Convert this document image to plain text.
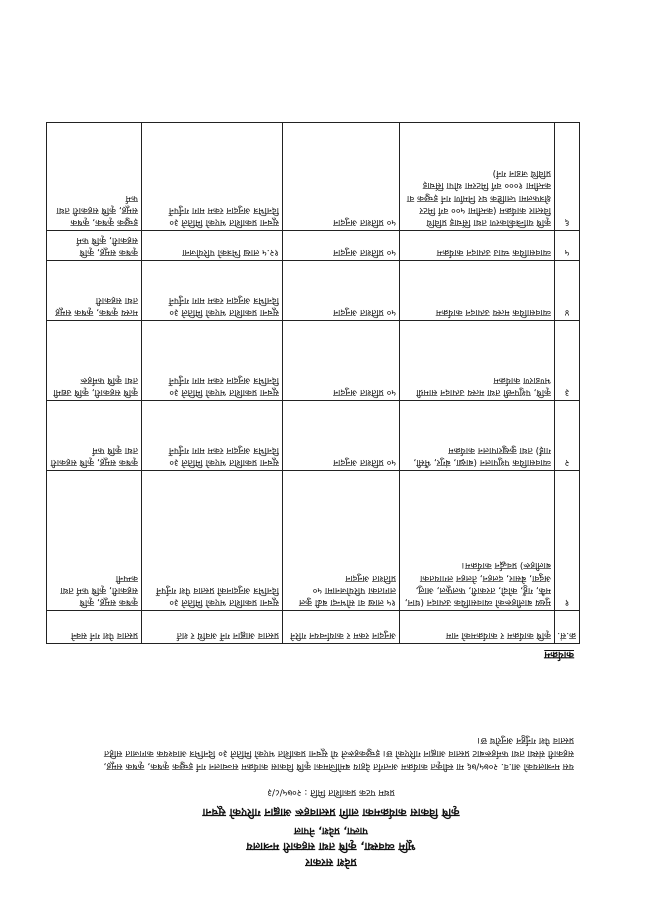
प्रदेश सरकार
भूमि व्यवस्था, कृषि तथा सहकारी मन्त्रालय
पाल्पा, प्रदेश, नेपाल
कृषि विकास कार्यक्रमका लागि प्रस्तावहरू आह्वान गरिएको सूचना
प्रथम पटक प्रकाशित मिति : २०७५/८/३
यस मन्त्रालयको आ.व. २०७५/७६ मा स्वीकृत कार्यक्रम अन्तर्गत देहाय बमोजिमका कृषि विकास कार्यक्रम सञ्चालन गर्न इच्छुक कृषक, कृषक समूह, सहकारी संस्था तथा फर्महरूबाट प्रस्ताव आह्वान गरिएको छ। इच्छुकहरूले यो सूचना प्रकाशित भएको मितिले ३० दिनभित्र आवश्यक कागजात सहित प्रस्ताव पेश गर्नुहुन अनुरोध छ।
कार्यक्रम
क्र.सं.	कृषि कार्यक्रम र कार्यक्रमको नाम	अनुदान रकम र कार्यान्वयन गरिने	प्रस्ताव आह्वान गर्ने अवधि र शर्त	प्रस्ताव पेश गर्न सक्ने
१	मुख्य बालीहरूको व्यावसायिक उत्पादन (धान, मकै, गहुँ, कोदो, तरकारी, फलफूल, आलु, अदुवा, बेसार, दलहन, तेलहन लगायतका बालीहरू) प्रवर्द्धन कार्यक्रम।	१५ लाख वा सोभन्दा बढी कुल लागतका परियोजनामा ५० प्रतिशत अनुदान	सूचना प्रकाशित भएको मितिले ३० दिनभित्र अनुदानको प्रस्ताव पेश गर्नुपर्ने	कृषक समूह, कृषि सहकारी, कृषि फर्म तथा कम्पनी
२	व्यावसायिक पशुपालन (बाख्रा, बंगुर, भैंसी, गाई) तथा कुखुरापालन कार्यक्रम	५० प्रतिशत अनुदान	सूचना प्रकाशित भएको मितिले ३० दिनभित्र अनुदान रकम माग गर्नुपर्ने	कृषक समूह, कृषि सहकारी तथा कृषि फर्म
३	कृषि, पशुपन्छी तथा मत्स्य उत्पादन सामग्री भण्डारण कार्यक्रम	५० प्रतिशत अनुदान	सूचना प्रकाशित भएको मितिले ३० दिनभित्र अनुदान रकम माग गर्नुपर्ने	कृषि सहकारी, कृषि उद्यमी तथा कृषि फर्महरू
४	व्यावसायिक मत्स्य उत्पादन कार्यक्रम	५० प्रतिशत अनुदान	सूचना प्रकाशित भएको मितिले ३० दिनभित्र अनुदान रकम माग गर्नुपर्ने	मत्स्य कृषक, कृषक समूह तथा सहकारी
५	व्यावसायिक च्याउ उत्पादन कार्यक्रम	५० प्रतिशत अनुदान	१२.५ लाख भित्रको परियोजना	कृषक समूह, कृषि सहकारी, कृषि फर्म
६	कृषि यान्त्रिकीकरण तथा सिंचाइ प्रविधि विस्तार कार्यक्रम (कम्तीमा ५०० वर्ग मिटर क्षेत्रफलमा प्लाष्टिक घर निर्माण गर्न इच्छुक वा कम्तीमा १००० वर्ग मिटरमा थोपा सिंचाइ प्रविधि जडान गर्न)	५० प्रतिशत अनुदान	सूचना प्रकाशित भएको मितिले ३० दिनभित्र अनुदान रकम माग गर्नुपर्ने	इच्छुक कृषक, कृषक समूह, कृषि सहकारी तथा फर्म
